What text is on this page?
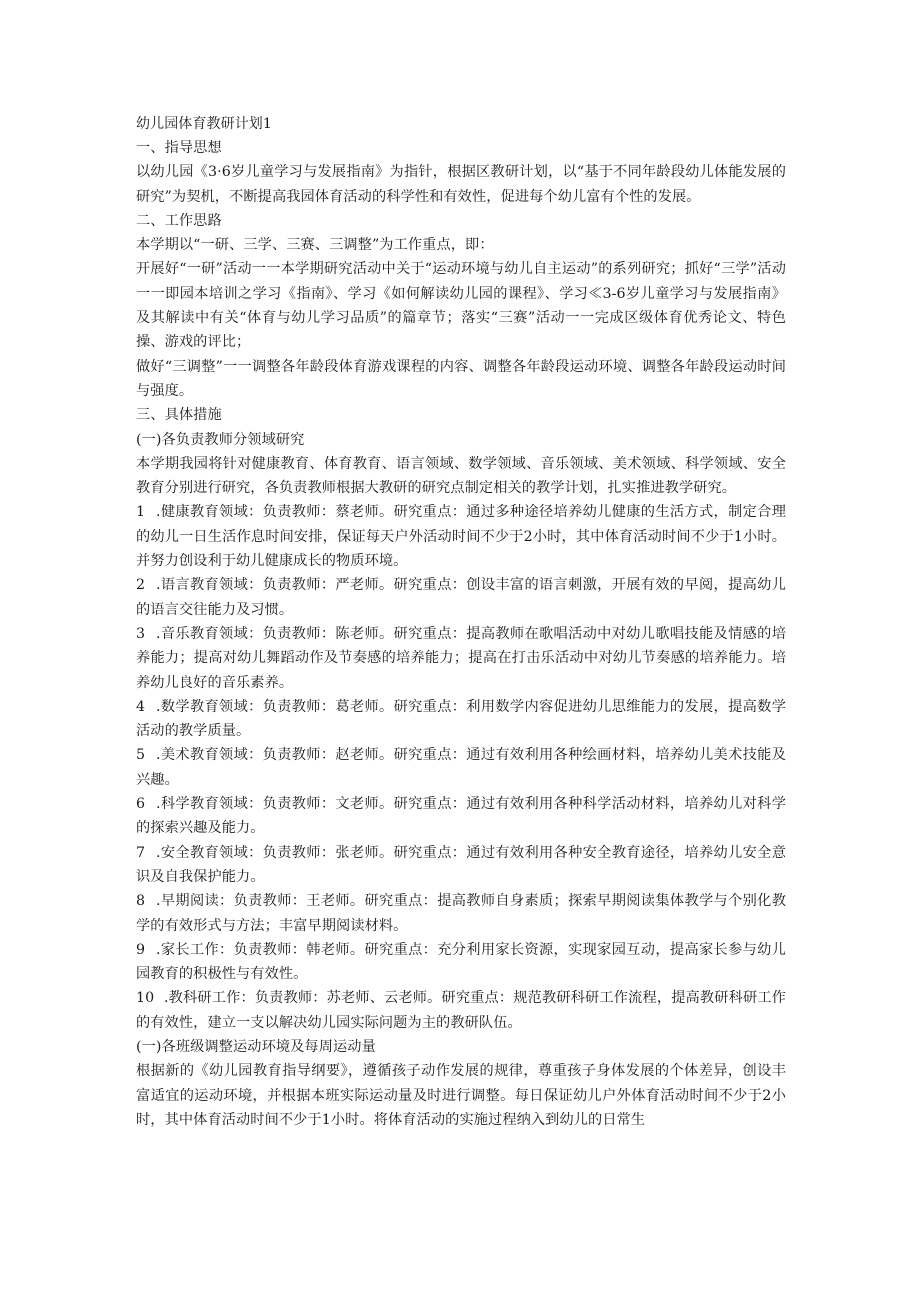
幼儿园体育教研计划1

一、指导思想

以幼儿园《3·6岁儿童学习与发展指南》为指针，根据区教研计划，以“基于不同年龄段幼儿体能发展的研究”为契机，不断提高我园体育活动的科学性和有效性，促进每个幼儿富有个性的发展。

二、工作思路

本学期以“一研、三学、三赛、三调整”为工作重点，即：

开展好“一研”活动一一本学期研究活动中关于“运动环境与幼儿自主运动”的系列研究；抓好“三学”活动一一即园本培训之学习《指南》、学习《如何解读幼儿园的课程》、学习≪3-6岁儿童学习与发展指南》及其解读中有关“体育与幼儿学习品质”的篇章节；落实“三赛”活动一一完成区级体育优秀论文、特色操、游戏的评比；

做好“三调整”一一调整各年龄段体育游戏课程的内容、调整各年龄段运动环境、调整各年龄段运动时间与强度。

三、具体措施

(一)各负责教师分领域研究

本学期我园将针对健康教育、体育教育、语言领域、数学领域、音乐领域、美术领域、科学领域、安全教育分别进行研究，各负责教师根据大教研的研究点制定相关的教学计划，扎实推进教学研究。

1 .健康教育领域：负责教师：蔡老师。研究重点：通过多种途径培养幼儿健康的生活方式，制定合理的幼儿一日生活作息时间安排，保证每天户外活动时间不少于2小时，其中体育活动时间不少于1小时。并努力创设利于幼儿健康成长的物质环境。

2 .语言教育领域：负责教师：严老师。研究重点：创设丰富的语言刺激，开展有效的早阅，提高幼儿的语言交往能力及习惯。

3 .音乐教育领域：负责教师：陈老师。研究重点：提高教师在歌唱活动中对幼儿歌唱技能及情感的培养能力；提高对幼儿舞蹈动作及节奏感的培养能力；提高在打击乐活动中对幼儿节奏感的培养能力。培养幼儿良好的音乐素养。

4 .数学教育领域：负责教师：葛老师。研究重点：利用数学内容促进幼儿思维能力的发展，提高数学活动的教学质量。

5 .美术教育领域：负责教师：赵老师。研究重点：通过有效利用各种绘画材料，培养幼儿美术技能及兴趣。

6 .科学教育领域：负责教师：文老师。研究重点：通过有效利用各种科学活动材料，培养幼儿对科学的探索兴趣及能力。

7 .安全教育领域：负责教师：张老师。研究重点：通过有效利用各种安全教育途径，培养幼儿安全意识及自我保护能力。

8 .早期阅读：负责教师：王老师。研究重点：提高教师自身素质；探索早期阅读集体教学与个别化教学的有效形式与方法；丰富早期阅读材料。

9 .家长工作：负责教师：韩老师。研究重点：充分利用家长资源，实现家园互动，提高家长参与幼儿园教育的积极性与有效性。

10 .教科研工作：负责教师：苏老师、云老师。研究重点：规范教研科研工作流程，提高教研科研工作的有效性，建立一支以解决幼儿园实际问题为主的教研队伍。

(一)各班级调整运动环境及每周运动量

根据新的《幼儿园教育指导纲要》，遵循孩子动作发展的规律，尊重孩子身体发展的个体差异，创设丰富适宜的运动环境，并根据本班实际运动量及时进行调整。每日保证幼儿户外体育活动时间不少于2小时，其中体育活动时间不少于1小时。将体育活动的实施过程纳入到幼儿的日常生
